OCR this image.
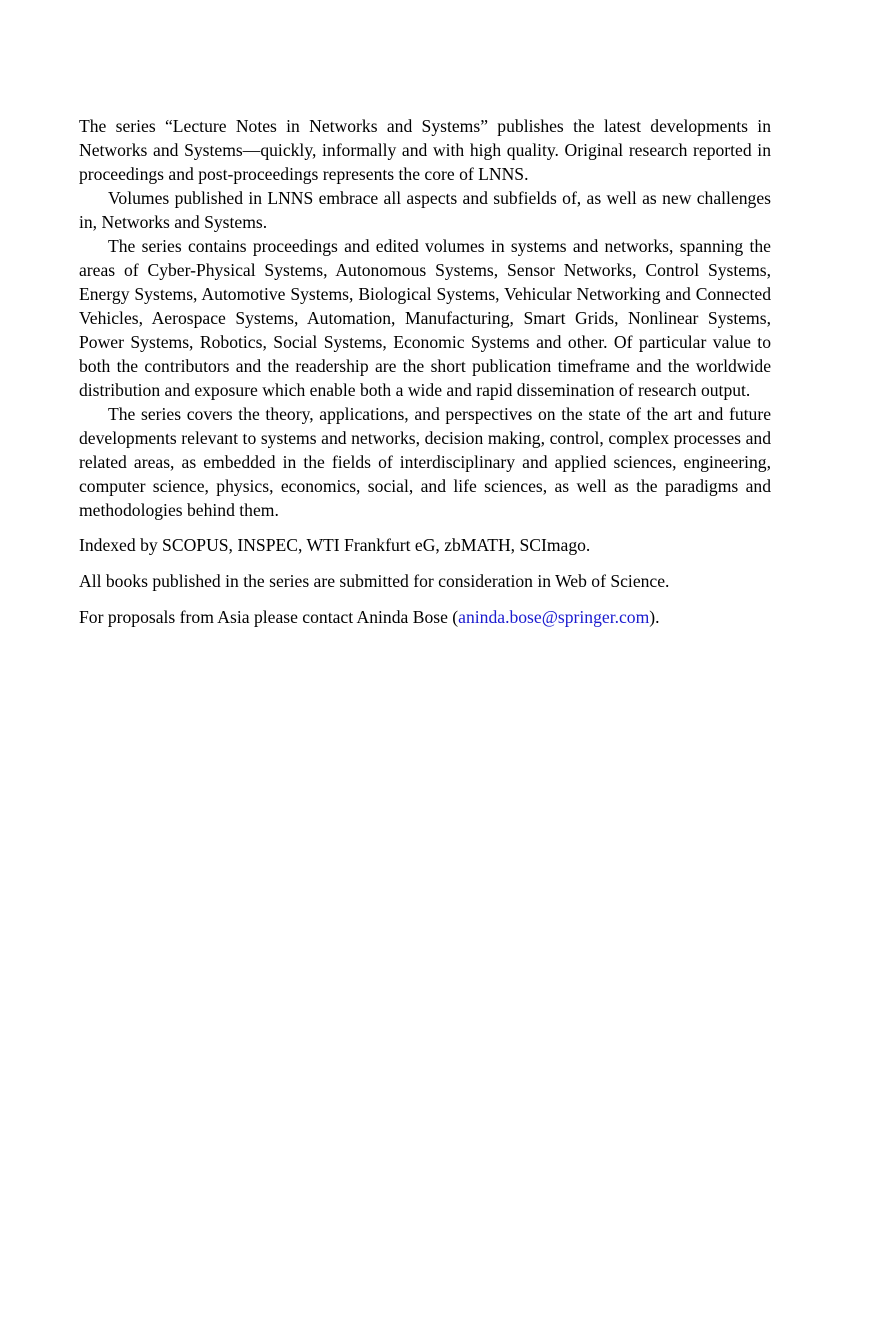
The series “Lecture Notes in Networks and Systems” publishes the latest developments in Networks and Systems—quickly, informally and with high quality. Original research reported in proceedings and post-proceedings represents the core of LNNS.

Volumes published in LNNS embrace all aspects and subfields of, as well as new challenges in, Networks and Systems.

The series contains proceedings and edited volumes in systems and networks, spanning the areas of Cyber-Physical Systems, Autonomous Systems, Sensor Networks, Control Systems, Energy Systems, Automotive Systems, Biological Systems, Vehicular Networking and Connected Vehicles, Aerospace Systems, Automation, Manufacturing, Smart Grids, Nonlinear Systems, Power Systems, Robotics, Social Systems, Economic Systems and other. Of particular value to both the contributors and the readership are the short publication timeframe and the worldwide distribution and exposure which enable both a wide and rapid dissemination of research output.

The series covers the theory, applications, and perspectives on the state of the art and future developments relevant to systems and networks, decision making, control, complex processes and related areas, as embedded in the fields of interdisciplinary and applied sciences, engineering, computer science, physics, economics, social, and life sciences, as well as the paradigms and methodologies behind them.

Indexed by SCOPUS, INSPEC, WTI Frankfurt eG, zbMATH, SCImago.

All books published in the series are submitted for consideration in Web of Science.

For proposals from Asia please contact Aninda Bose (aninda.bose@springer.com).
